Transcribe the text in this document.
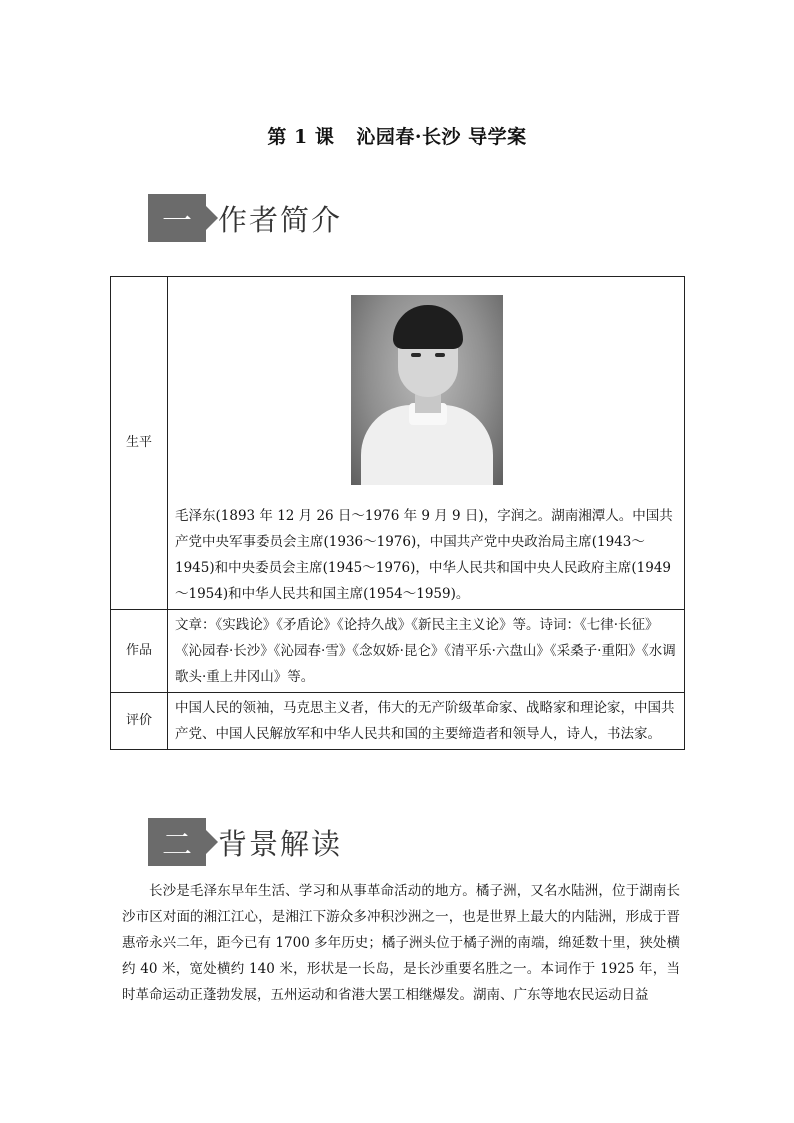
第 1 课 沁园春·长沙 导学案
一 作者简介
生平	毛泽东(1893 年 12 月 26 日～1976 年 9 月 9 日)，字润之。湖南湘潭人。中国共产党中央军事委员会主席(1936～1976)，中国共产党中央政治局主席(1943～1945)和中央委员会主席(1945～1976)，中华人民共和国中央人民政府主席(1949～1954)和中华人民共和国主席(1954～1959)。

作品	文章：《实践论》《矛盾论》《论持久战》《新民主主义论》等。诗词：《七律·长征》《沁园春·长沙》《沁园春·雪》《念奴娇·昆仑》《清平乐·六盘山》《采桑子·重阳》《水调歌头·重上井冈山》等。
评价	中国人民的领袖，马克思主义者，伟大的无产阶级革命家、战略家和理论家，中国共产党、中国人民解放军和中华人民共和国的主要缔造者和领导人，诗人，书法家。
二 背景解读
长沙是毛泽东早年生活、学习和从事革命活动的地方。橘子洲，又名水陆洲，位于湖南长沙市区对面的湘江江心，是湘江下游众多冲积沙洲之一，也是世界上最大的内陆洲，形成于晋惠帝永兴二年，距今已有 1700 多年历史；橘子洲头位于橘子洲的南端，绵延数十里，狭处横约 40 米，宽处横约 140 米，形状是一长岛，是长沙重要名胜之一。本词作于 1925 年，当时革命运动正蓬勃发展，五州运动和省港大罢工相继爆发。湖南、广东等地农民运动日益
